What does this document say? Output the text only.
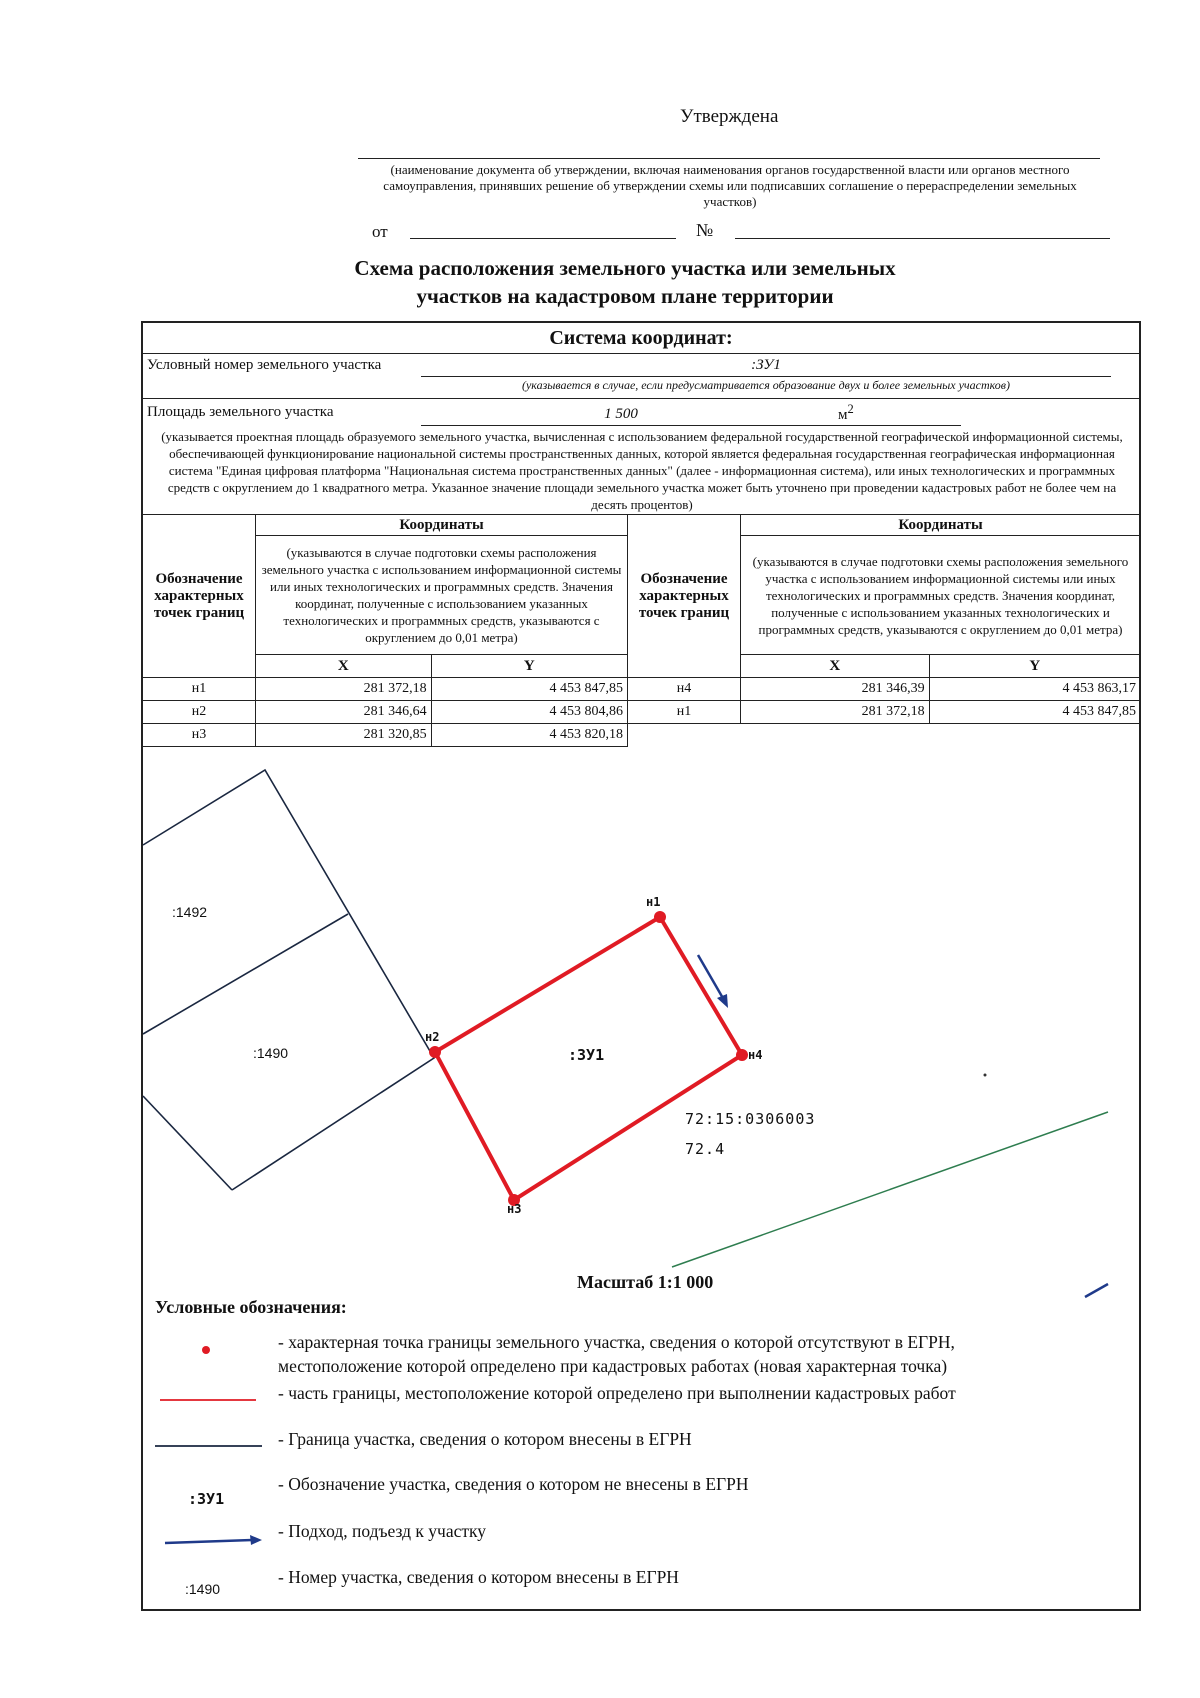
Утверждена
(наименование документа об утверждении, включая наименования органов государственной власти или органов местного самоуправления, принявших решение об утверждении схемы или подписавших соглашение о перераспределении земельных участков)
от	№
Схема расположения земельного участка или земельных
участков на кадастровом плане территории
Система координат:
Условный номер земельного участка	:ЗУ1
(указывается в случае, если предусматривается образование двух и более земельных участков)
Площадь земельного участка	1 500	$м^2$
(указывается проектная площадь образуемого земельного участка, вычисленная с использованием федеральной государственной географической информационной системы, обеспечивающей функционирование национальной системы пространственных данных, которой является федеральная государственная географическая информационная система "Единая цифровая платформа "Национальная система пространственных данных" (далее - информационная система), или иных технологических и программных средств с округлением до 1 квадратного метра. Указанное значение площади земельного участка может быть уточнено при проведении кадастровых работ не более чем на десять процентов)
Обозначение характерных точек границ	Координаты	
	(указываются в случае подготовки схемы расположения земельного участка с использованием информационной системы или иных технологических и программных средств. Значения координат, полученные с использованием указанных технологических и программных средств, указываются с округлением до 0,01 метра)	
	X	Y
н1	281 372,18	4 453 847,85
н2	281 346,64	4 453 804,86
н3	281 320,85	4 453 820,18
Обозначение характерных точек границ	Координаты	
	(указываются в случае подготовки схемы расположения земельного участка с использованием информационной системы или иных технологических и программных средств. Значения координат, полученные с использованием указанных технологических и программных средств, указываются с округлением до 0,01 метра)	
	X	Y
н4	281 346,39	4 453 863,17
н1	281 372,18	4 453 847,85
:1492
:1490	:ЗУ1
н1
н2
н3
н4
72:15:0306003
72.4
Масштаб 1:1 000
Условные обозначения:
- характерная точка границы земельного участка, сведения о которой отсутствуют в ЕГРН,
местоположение которой определено при кадастровых работах (новая характерная точка)
- часть границы, местоположение которой определено при выполнении кадастровых работ
- Граница участка, сведения о котором внесены в ЕГРН
:ЗУ1
- Обозначение участка, сведения о котором не внесены в ЕГРН
- Подход, подъезд к участку
:1490
- Номер участка, сведения о котором внесены в ЕГРН
